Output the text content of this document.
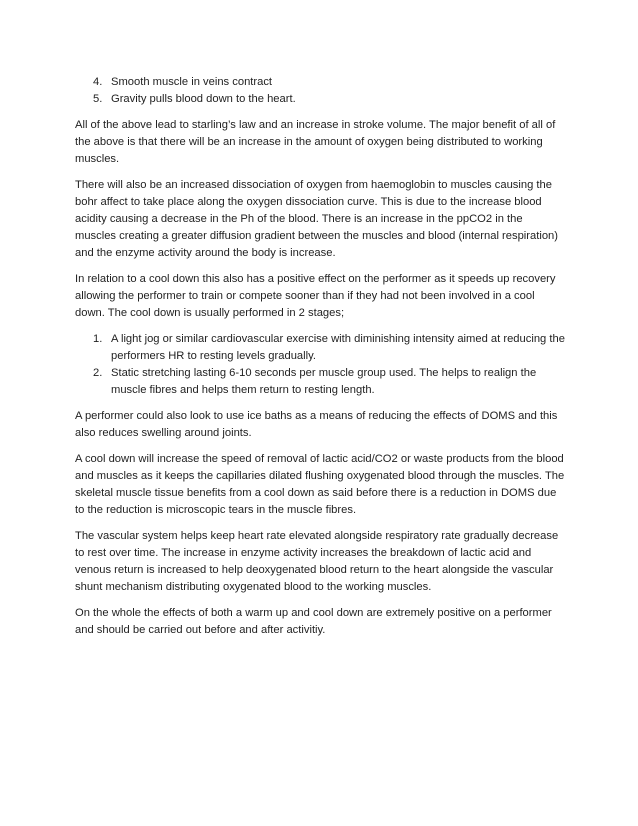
4. Smooth muscle in veins contract
5. Gravity pulls blood down to the heart.

All of the above lead to starling’s law and an increase in stroke volume. The major benefit of all of the above is that there will be an increase in the amount of oxygen being distributed to working muscles.

There will also be an increased dissociation of oxygen from haemoglobin to muscles causing the bohr affect to take place along the oxygen dissociation curve. This is due to the increase blood acidity causing a decrease in the Ph of the blood. There is an increase in the ppCO2 in the muscles creating a greater diffusion gradient between the muscles and blood (internal respiration) and the enzyme activity around the body is increase.

In relation to a cool down this also has a positive effect on the performer as it speeds up recovery allowing the performer to train or compete sooner than if they had not been involved in a cool down. The cool down is usually performed in 2 stages;

1. A light jog or similar cardiovascular exercise with diminishing intensity aimed at reducing the performers HR to resting levels gradually.
2. Static stretching lasting 6-10 seconds per muscle group used. The helps to realign the muscle fibres and helps them return to resting length.

A performer could also look to use ice baths as a means of reducing the effects of DOMS and this also reduces swelling around joints.

A cool down will increase the speed of removal of lactic acid/CO2 or waste products from the blood and muscles as it keeps the capillaries dilated flushing oxygenated blood through the muscles. The skeletal muscle tissue benefits from a cool down as said before there is a reduction in DOMS due to the reduction is microscopic tears in the muscle fibres.

The vascular system helps keep heart rate elevated alongside respiratory rate gradually decrease to rest over time. The increase in enzyme activity increases the breakdown of lactic acid and venous return is increased to help deoxygenated blood return to the heart alongside the vascular shunt mechanism distributing oxygenated blood to the working muscles.

On the whole the effects of both a warm up and cool down are extremely positive on a performer and should be carried out before and after activitiy.
